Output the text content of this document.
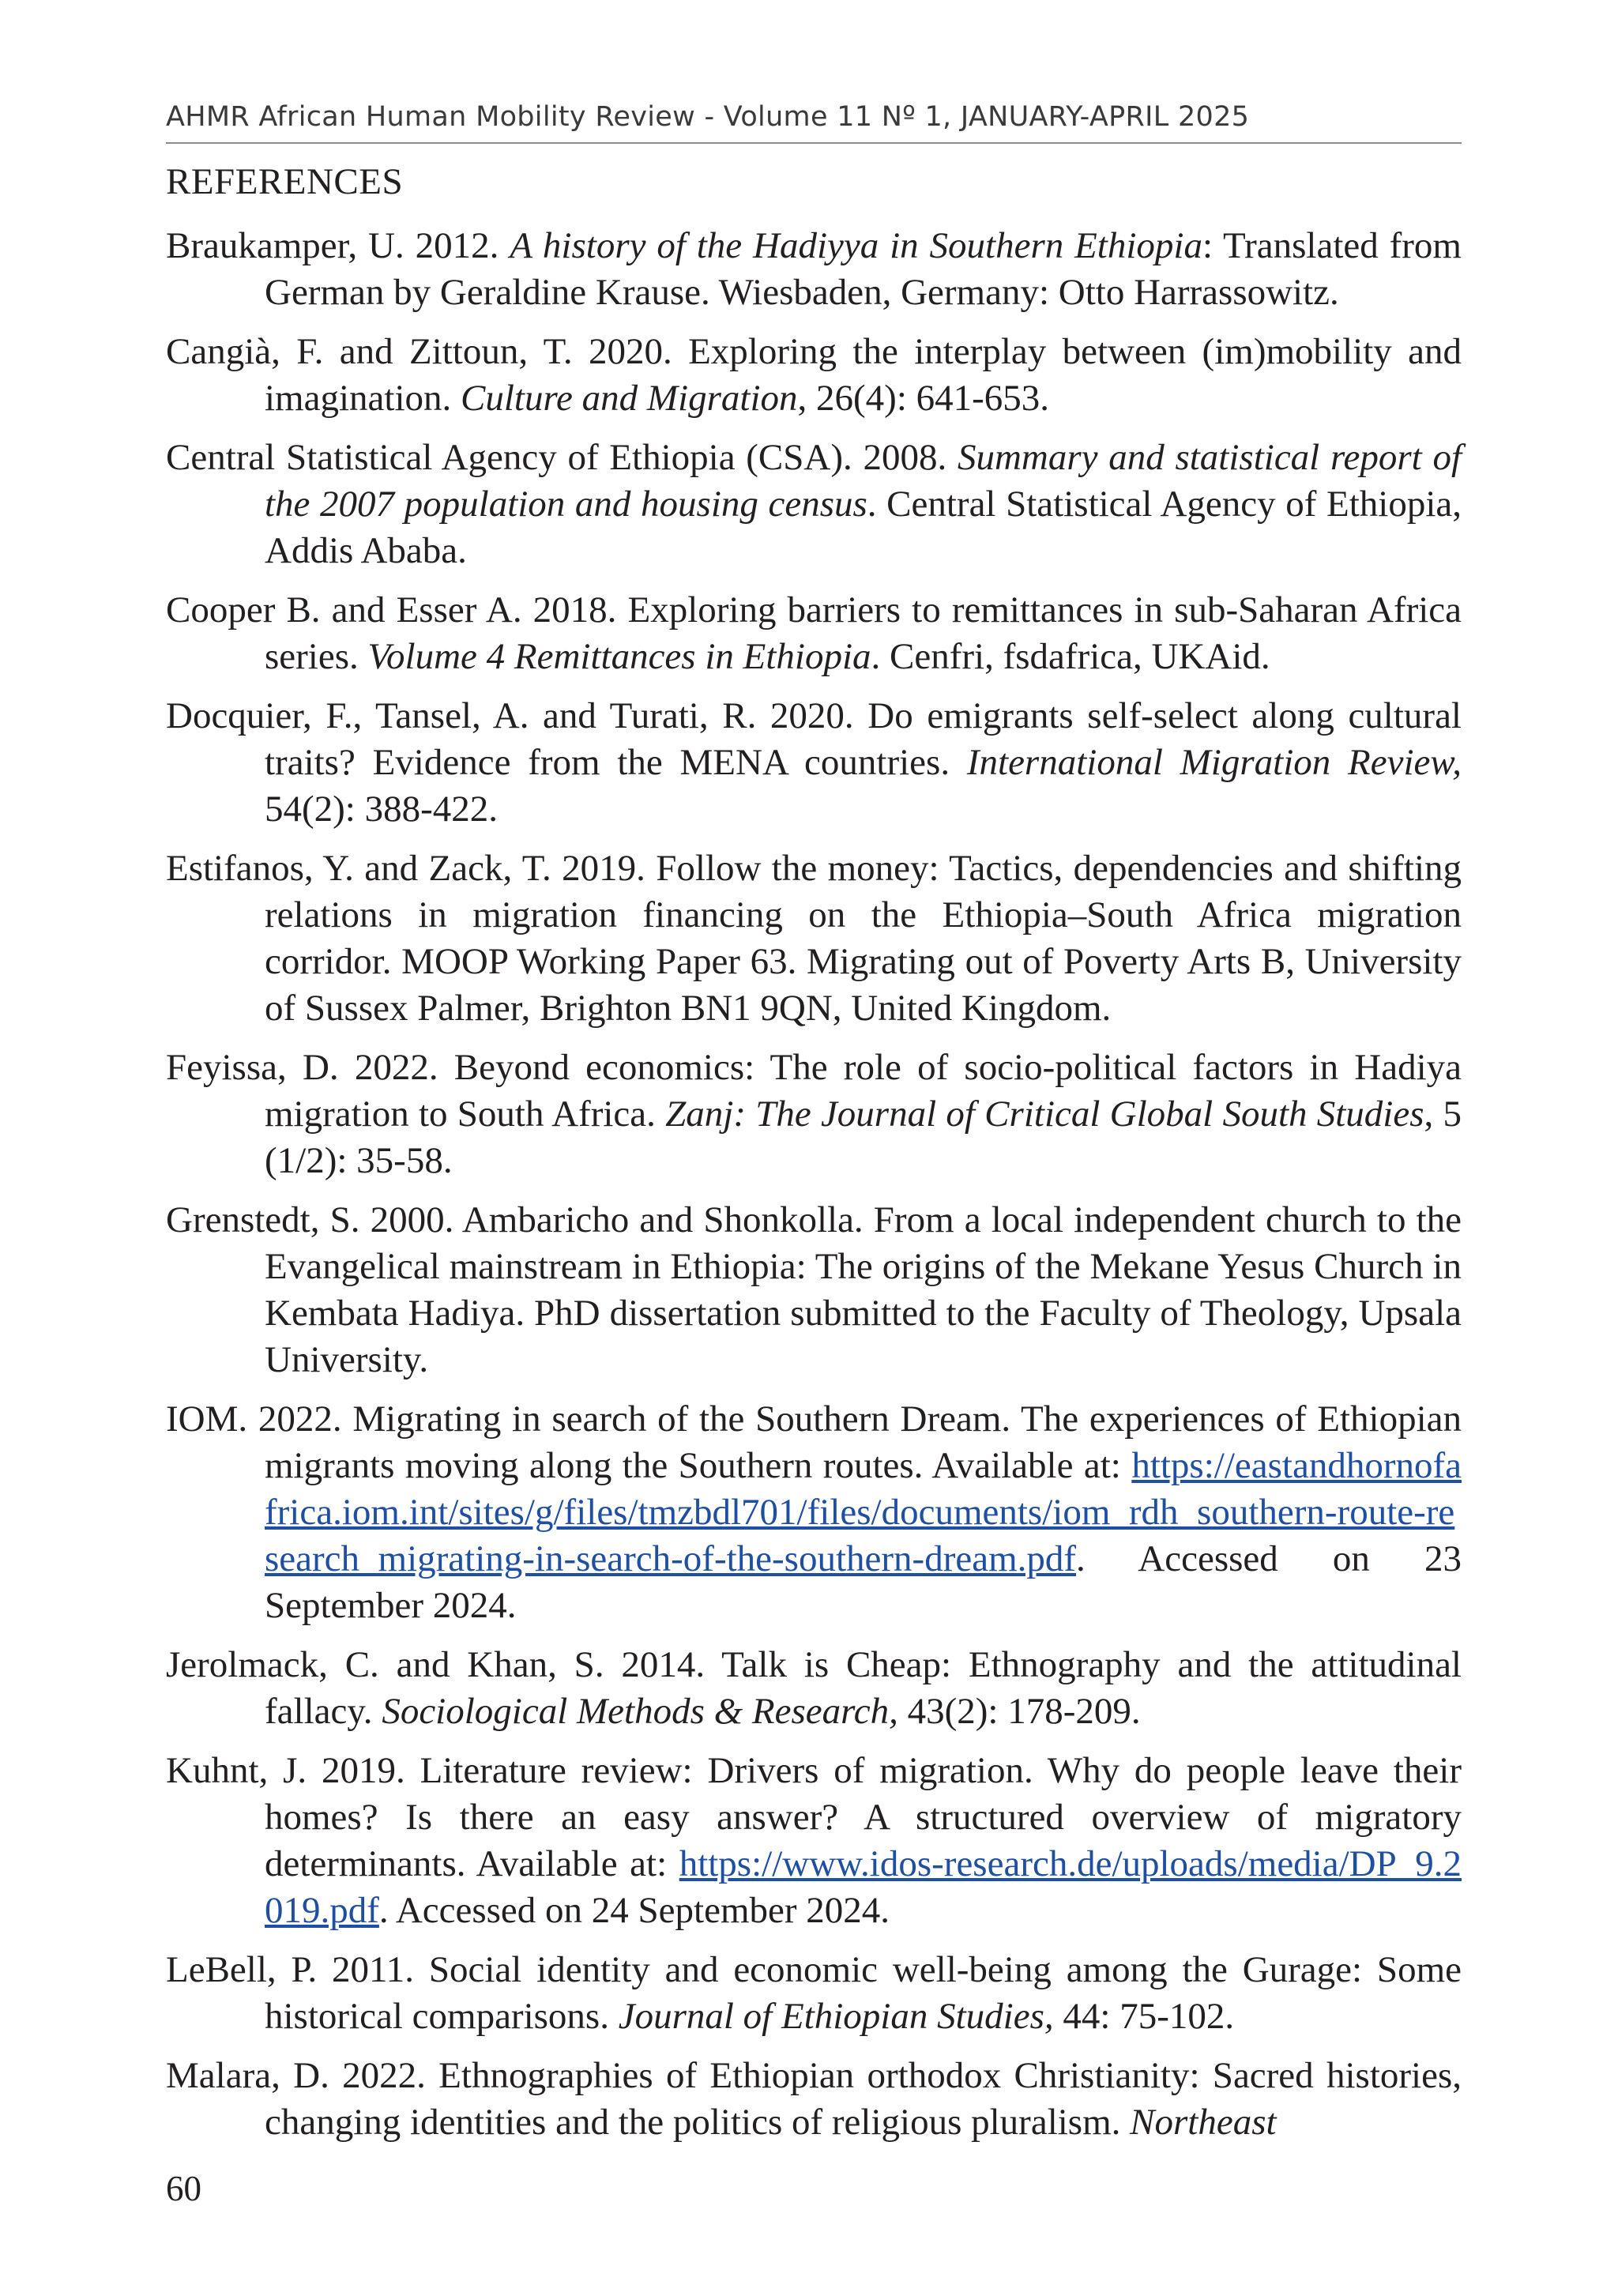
AHMR African Human Mobility Review - Volume 11 Nº 1, JANUARY-APRIL 2025
REFERENCES

Braukamper, U. 2012. A history of the Hadiyya in Southern Ethiopia: Translated from German by Geraldine Krause. Wiesbaden, Germany: Otto Harrassowitz.

Cangià, F. and Zittoun, T. 2020. Exploring the interplay between (im)mobility and imagination. Culture and Migration, 26(4): 641-653.

Central Statistical Agency of Ethiopia (CSA). 2008. Summary and statistical report of the 2007 population and housing census. Central Statistical Agency of Ethiopia, Addis Ababa.

Cooper B. and Esser A. 2018. Exploring barriers to remittances in sub-Saharan Africa series. Volume 4 Remittances in Ethiopia. Cenfri, fsdafrica, UKAid.

Docquier, F., Tansel, A. and Turati, R. 2020. Do emigrants self-select along cultural traits? Evidence from the MENA countries. International Migration Review, 54(2): 388-422.

Estifanos, Y. and Zack, T. 2019. Follow the money: Tactics, dependencies and shifting relations in migration financing on the Ethiopia–South Africa migration corridor. MOOP Working Paper 63. Migrating out of Poverty Arts B, University of Sussex Palmer, Brighton BN1 9QN, United Kingdom.

Feyissa, D. 2022. Beyond economics: The role of socio-political factors in Hadiya migration to South Africa. Zanj: The Journal of Critical Global South Studies, 5 (1/2): 35-58.

Grenstedt, S. 2000. Ambaricho and Shonkolla. From a local independent church to the Evangelical mainstream in Ethiopia: The origins of the Mekane Yesus Church in Kembata Hadiya. PhD dissertation submitted to the Faculty of Theology, Upsala University.

IOM. 2022. Migrating in search of the Southern Dream. The experiences of Ethiopian migrants moving along the Southern routes. Available at: https://eastandhornofafrica.iom.int/sites/g/files/tmzbdl701/files/documents/iom_rdh_southern-route-research_migrating-in-search-of-the-southern-dream.pdf. Accessed on 23 September 2024.

Jerolmack, C. and Khan, S. 2014. Talk is Cheap: Ethnography and the attitudinal fallacy. Sociological Methods & Research, 43(2): 178-209.

Kuhnt, J. 2019. Literature review: Drivers of migration. Why do people leave their homes? Is there an easy answer? A structured overview of migratory determinants. Available at: https://www.idos-research.de/uploads/media/DP_9.2019.pdf. Accessed on 24 September 2024.

LeBell, P. 2011. Social identity and economic well-being among the Gurage: Some historical comparisons. Journal of Ethiopian Studies, 44: 75-102.

Malara, D. 2022. Ethnographies of Ethiopian orthodox Christianity: Sacred histories, changing identities and the politics of religious pluralism. Northeast

60
